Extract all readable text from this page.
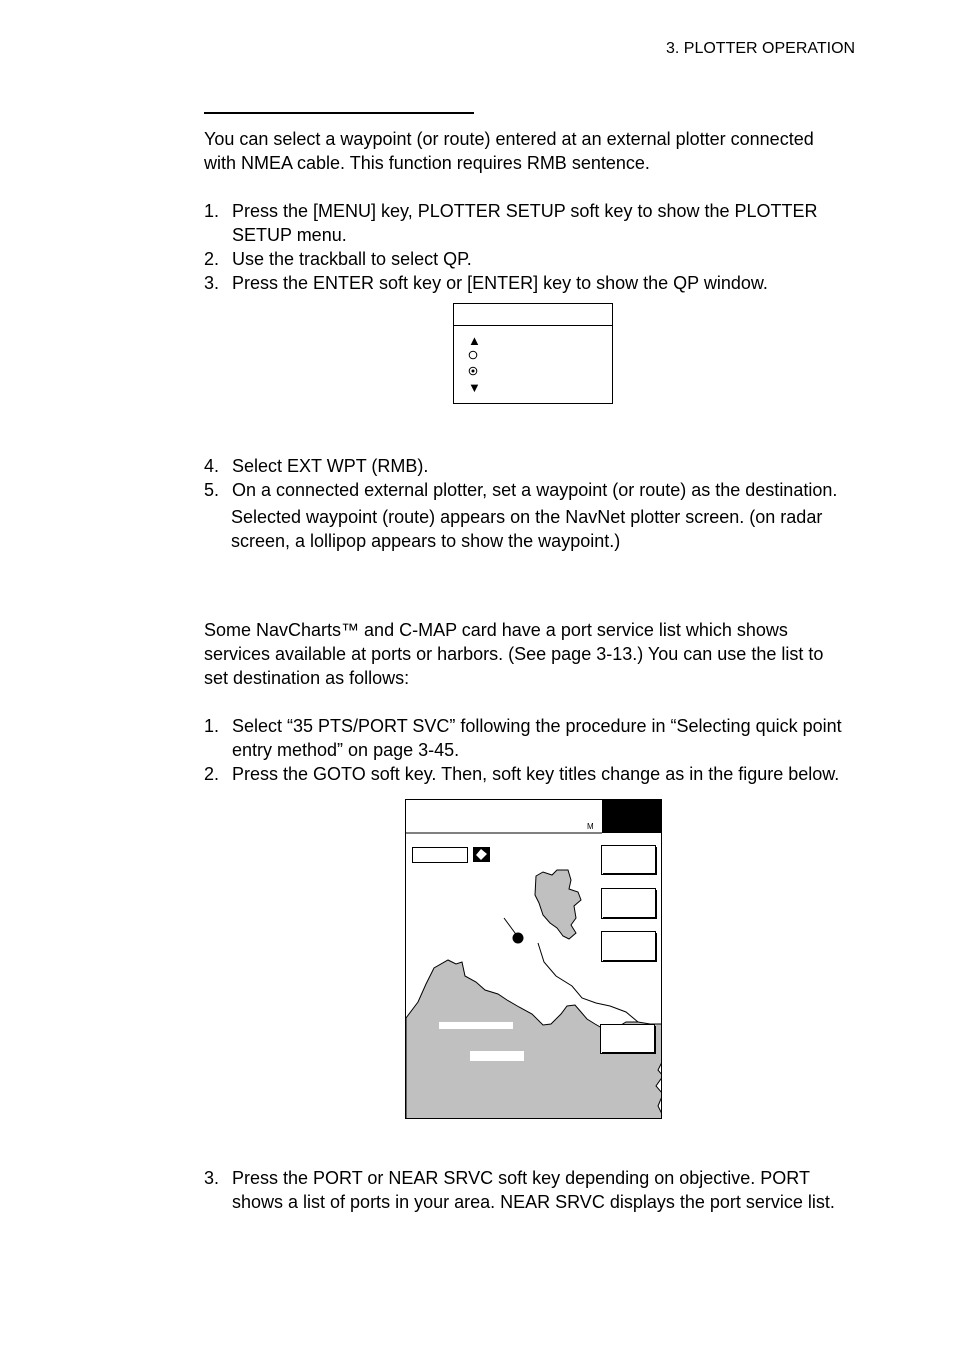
3. PLOTTER OPERATION
You can select a waypoint (or route) entered at an external plotter connected
with NMEA cable. This function requires RMB sentence.
1. Press the [MENU] key, PLOTTER SETUP soft key to show the PLOTTER
SETUP menu.
2. Use the trackball to select QP.
3. Press the ENTER soft key or [ENTER] key to show the QP window.
▲
▼
4. Select EXT WPT (RMB).
5. On a connected external plotter, set a waypoint (or route) as the destination.
Selected waypoint (route) appears on the NavNet plotter screen. (on radar
screen, a lollipop appears to show the waypoint.)
Some NavCharts™ and C-MAP card have a port service list which shows
services available at ports or harbors. (See page 3-13.) You can use the list to
set destination as follows:
1. Select “35 PTS/PORT SVC” following the procedure in “Selecting quick point
entry method” on page 3-45.
2. Press the GOTO soft key. Then, soft key titles change as in the figure below.
M
3. Press the PORT or NEAR SRVC soft key depending on objective. PORT
shows a list of ports in your area. NEAR SRVC displays the port service list.
